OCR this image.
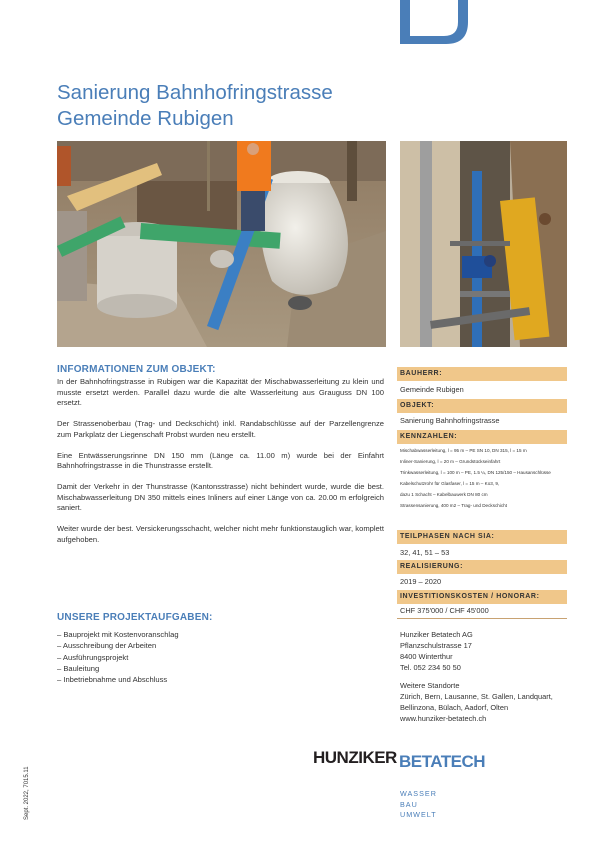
Sanierung Bahnhofringstrasse
Gemeinde Rubigen
INFORMATIONEN ZUM OBJEKT:

In der Bahnhofringstrasse in Rubigen war die Kapazität der Mischabwasserleitung zu klein und musste ersetzt werden. Parallel dazu wurde die alte Wasserleitung aus Grauguss DN 100 ersetzt.

Der Strassenoberbau (Trag- und Deckschicht) inkl. Randabschlüsse auf der Parzellengrenze zum Parkplatz der Liegenschaft Probst wurden neu erstellt.

Eine Entwässerungsrinne DN 150 mm (Länge ca. 11.00 m) wurde bei der Einfahrt Bahnhofringstrasse in die Thunstrasse erstellt.

Damit der Verkehr in der Thunstrasse (Kantonsstrasse) nicht behindert wurde, wurde die best. Mischabwasserleitung DN 350 mittels eines Inliners auf einer Länge von ca. 20.00 m erfolgreich saniert.

Weiter wurde der best. Versickerungsschacht, welcher nicht mehr funktionstauglich war, komplett aufgehoben.

UNSERE PROJEKTAUFGABEN:
– Bauprojekt mit Kostenvoranschlag
– Ausschreibung der Arbeiten
– Ausführungsprojekt
– Bauleitung
– Inbetriebnahme und Abschluss
BAUHERR:
Gemeinde Rubigen
OBJEKT:
Sanierung Bahnhofringstrasse
KENNZAHLEN:
Mischabwasserleitung, l = 95 m – PE SN 10, DN 315, l = 15 m
Inliner-Sanierung, l = 20 m – Grundstückseinfahrt
Trinkwasserleitung, l = 100 m – PE, 1.5 ¼, DN 125/150 – Hausanschlüsse
Kabelschutzrohr für Glasfaser, l = 15 m – Ko3, 9,
dazu 1 Schacht – Kabelbauwerk DN 80 cm
Strassensanierung, 400 m2 – Trag- und Deckschicht
TEILPHASEN NACH SIA:
32, 41, 51 – 53
REALISIERUNG:
2019 – 2020
INVESTITIONSKOSTEN / HONORAR:
CHF 375'000 / CHF 45'000
Hunziker Betatech AG
Pflanzschulstrasse 17
8400 Winterthur
Tel. 052 234 50 50
Weitere Standorte
Zürich, Bern, Lausanne, St. Gallen, Landquart,
Bellinzona, Bülach, Aadorf, Olten
www.hunziker-betatech.ch
HUNZIKER BETATECH
WASSER
BAU
UMWELT
Sept. 2022, 7015.11
